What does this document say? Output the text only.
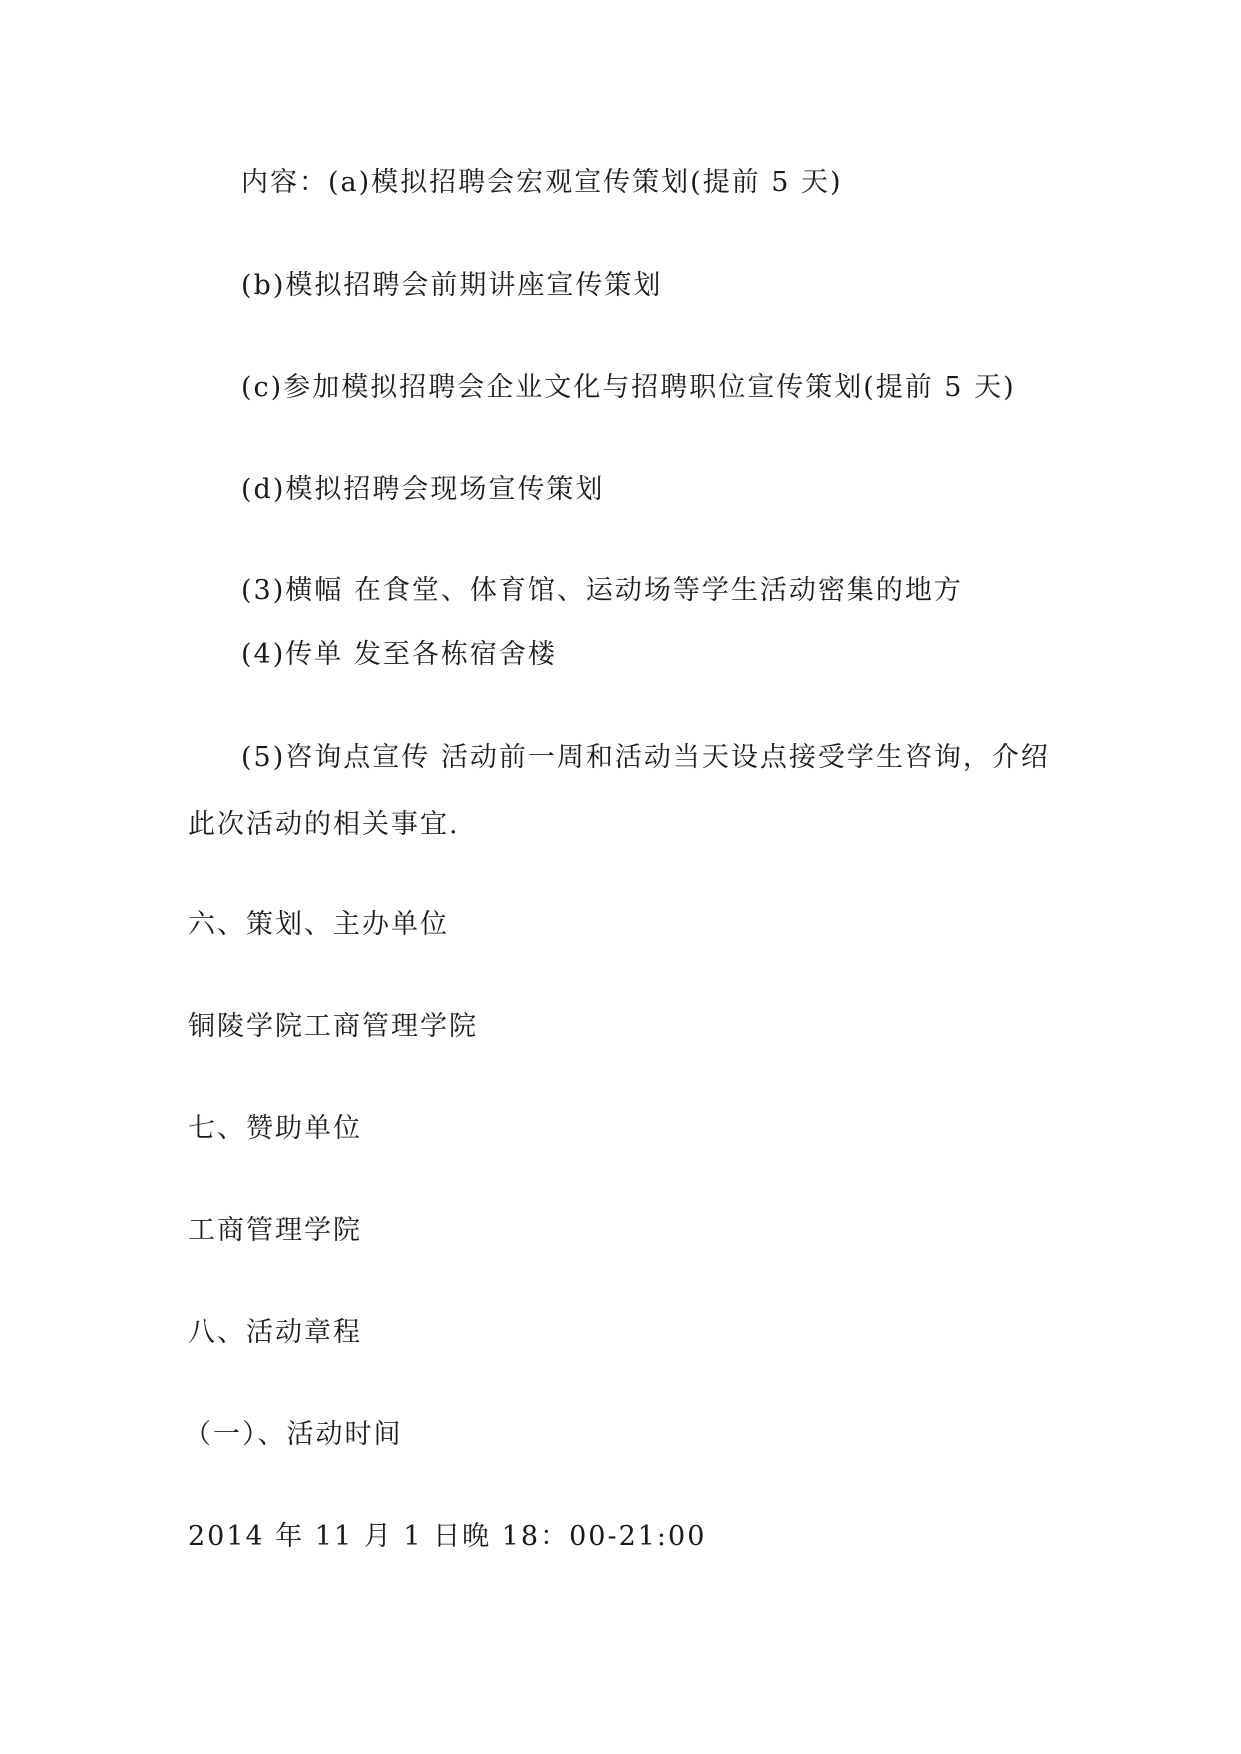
内容：(a)模拟招聘会宏观宣传策划(提前 5 天)
(b)模拟招聘会前期讲座宣传策划
(c)参加模拟招聘会企业文化与招聘职位宣传策划(提前 5 天)
(d)模拟招聘会现场宣传策划
(3)横幅 在食堂、体育馆、运动场等学生活动密集的地方
(4)传单 发至各栋宿舍楼
(5)咨询点宣传 活动前一周和活动当天设点接受学生咨询，介绍
此次活动的相关事宜.
六、策划、主办单位
铜陵学院工商管理学院
七、赞助单位
工商管理学院
八、活动章程
（一）、活动时间
2014 年 11 月 1 日晚 18：00-21:00
